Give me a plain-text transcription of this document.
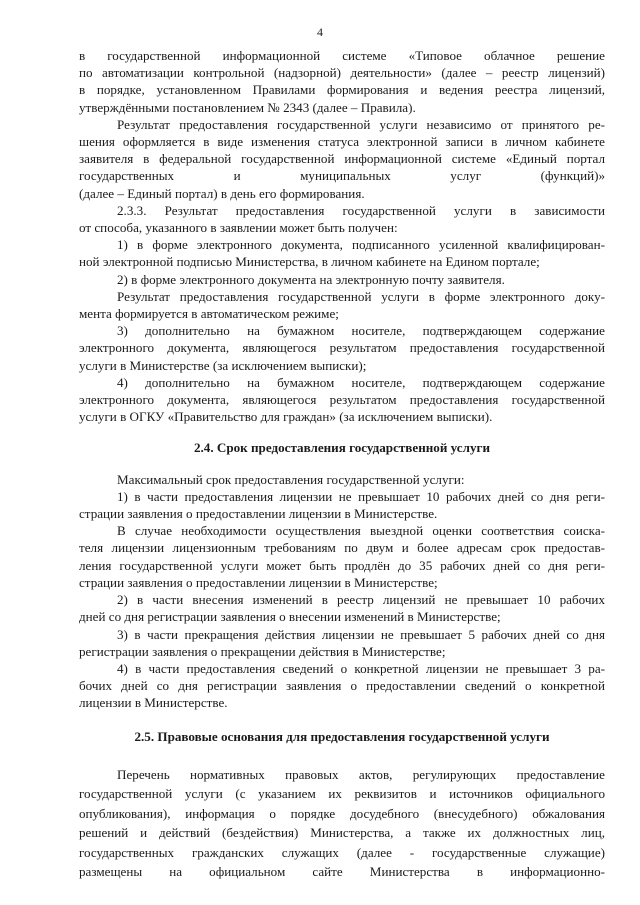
4

в государственной информационной системе «Типовое облачное решение

по автоматизации контрольной (надзорной) деятельности» (далее – реестр лицензий)

в порядке, установленном Правилами формирования и ведения реестра лицензий,

утверждёнными постановлением № 2343 (далее – Правила).

Результат предоставления государственной услуги независимо от принятого ре-

шения оформляется в виде изменения статуса электронной записи в личном кабинете

заявителя в федеральной государственной информационной системе «Единый портал

государственных и муниципальных услуг (функций)»

(далее – Единый портал) в день его формирования.

2.3.3. Результат предоставления государственной услуги в зависимости

от способа, указанного в заявлении может быть получен:

1) в форме электронного документа, подписанного усиленной квалифицирован-

ной электронной подписью Министерства, в личном кабинете на Едином портале;

2) в форме электронного документа на электронную почту заявителя.

Результат предоставления государственной услуги в форме электронного доку-

мента формируется в автоматическом режиме;

3) дополнительно на бумажном носителе, подтверждающем содержание

электронного документа, являющегося результатом предоставления государственной

услуги в Министерстве (за исключением выписки);

4) дополнительно на бумажном носителе, подтверждающем содержание

электронного документа, являющегося результатом предоставления государственной

услуги в ОГКУ «Правительство для граждан» (за исключением выписки).

2.4. Срок предоставления государственной услуги

Максимальный срок предоставления государственной услуги:

1) в части предоставления лицензии не превышает 10 рабочих дней со дня реги-

страции заявления о предоставлении лицензии в Министерстве.

В случае необходимости осуществления выездной оценки соответствия соиска-

теля лицензии лицензионным требованиям по двум и более адресам срок предостав-

ления государственной услуги может быть продлён до 35 рабочих дней со дня реги-

страции заявления о предоставлении лицензии в Министерстве;

2) в части внесения изменений в реестр лицензий не превышает 10 рабочих

дней со дня регистрации заявления о внесении изменений в Министерстве;

3) в части прекращения действия лицензии не превышает 5 рабочих дней со дня

регистрации заявления о прекращении действия в Министерстве;

4) в части предоставления сведений о конкретной лицензии не превышает 3 ра-

бочих дней со дня регистрации заявления о предоставлении сведений о конкретной

лицензии в Министерстве.

2.5. Правовые основания для предоставления государственной услуги

Перечень нормативных правовых актов, регулирующих предоставление

государственной услуги (с указанием их реквизитов и источников официального

опубликования), информация о порядке досудебного (внесудебного) обжалования

решений и действий (бездействия) Министерства, а также их должностных лиц,

государственных гражданских служащих (далее - государственные служащие)

размещены на официальном сайте Министерства в информационно-
